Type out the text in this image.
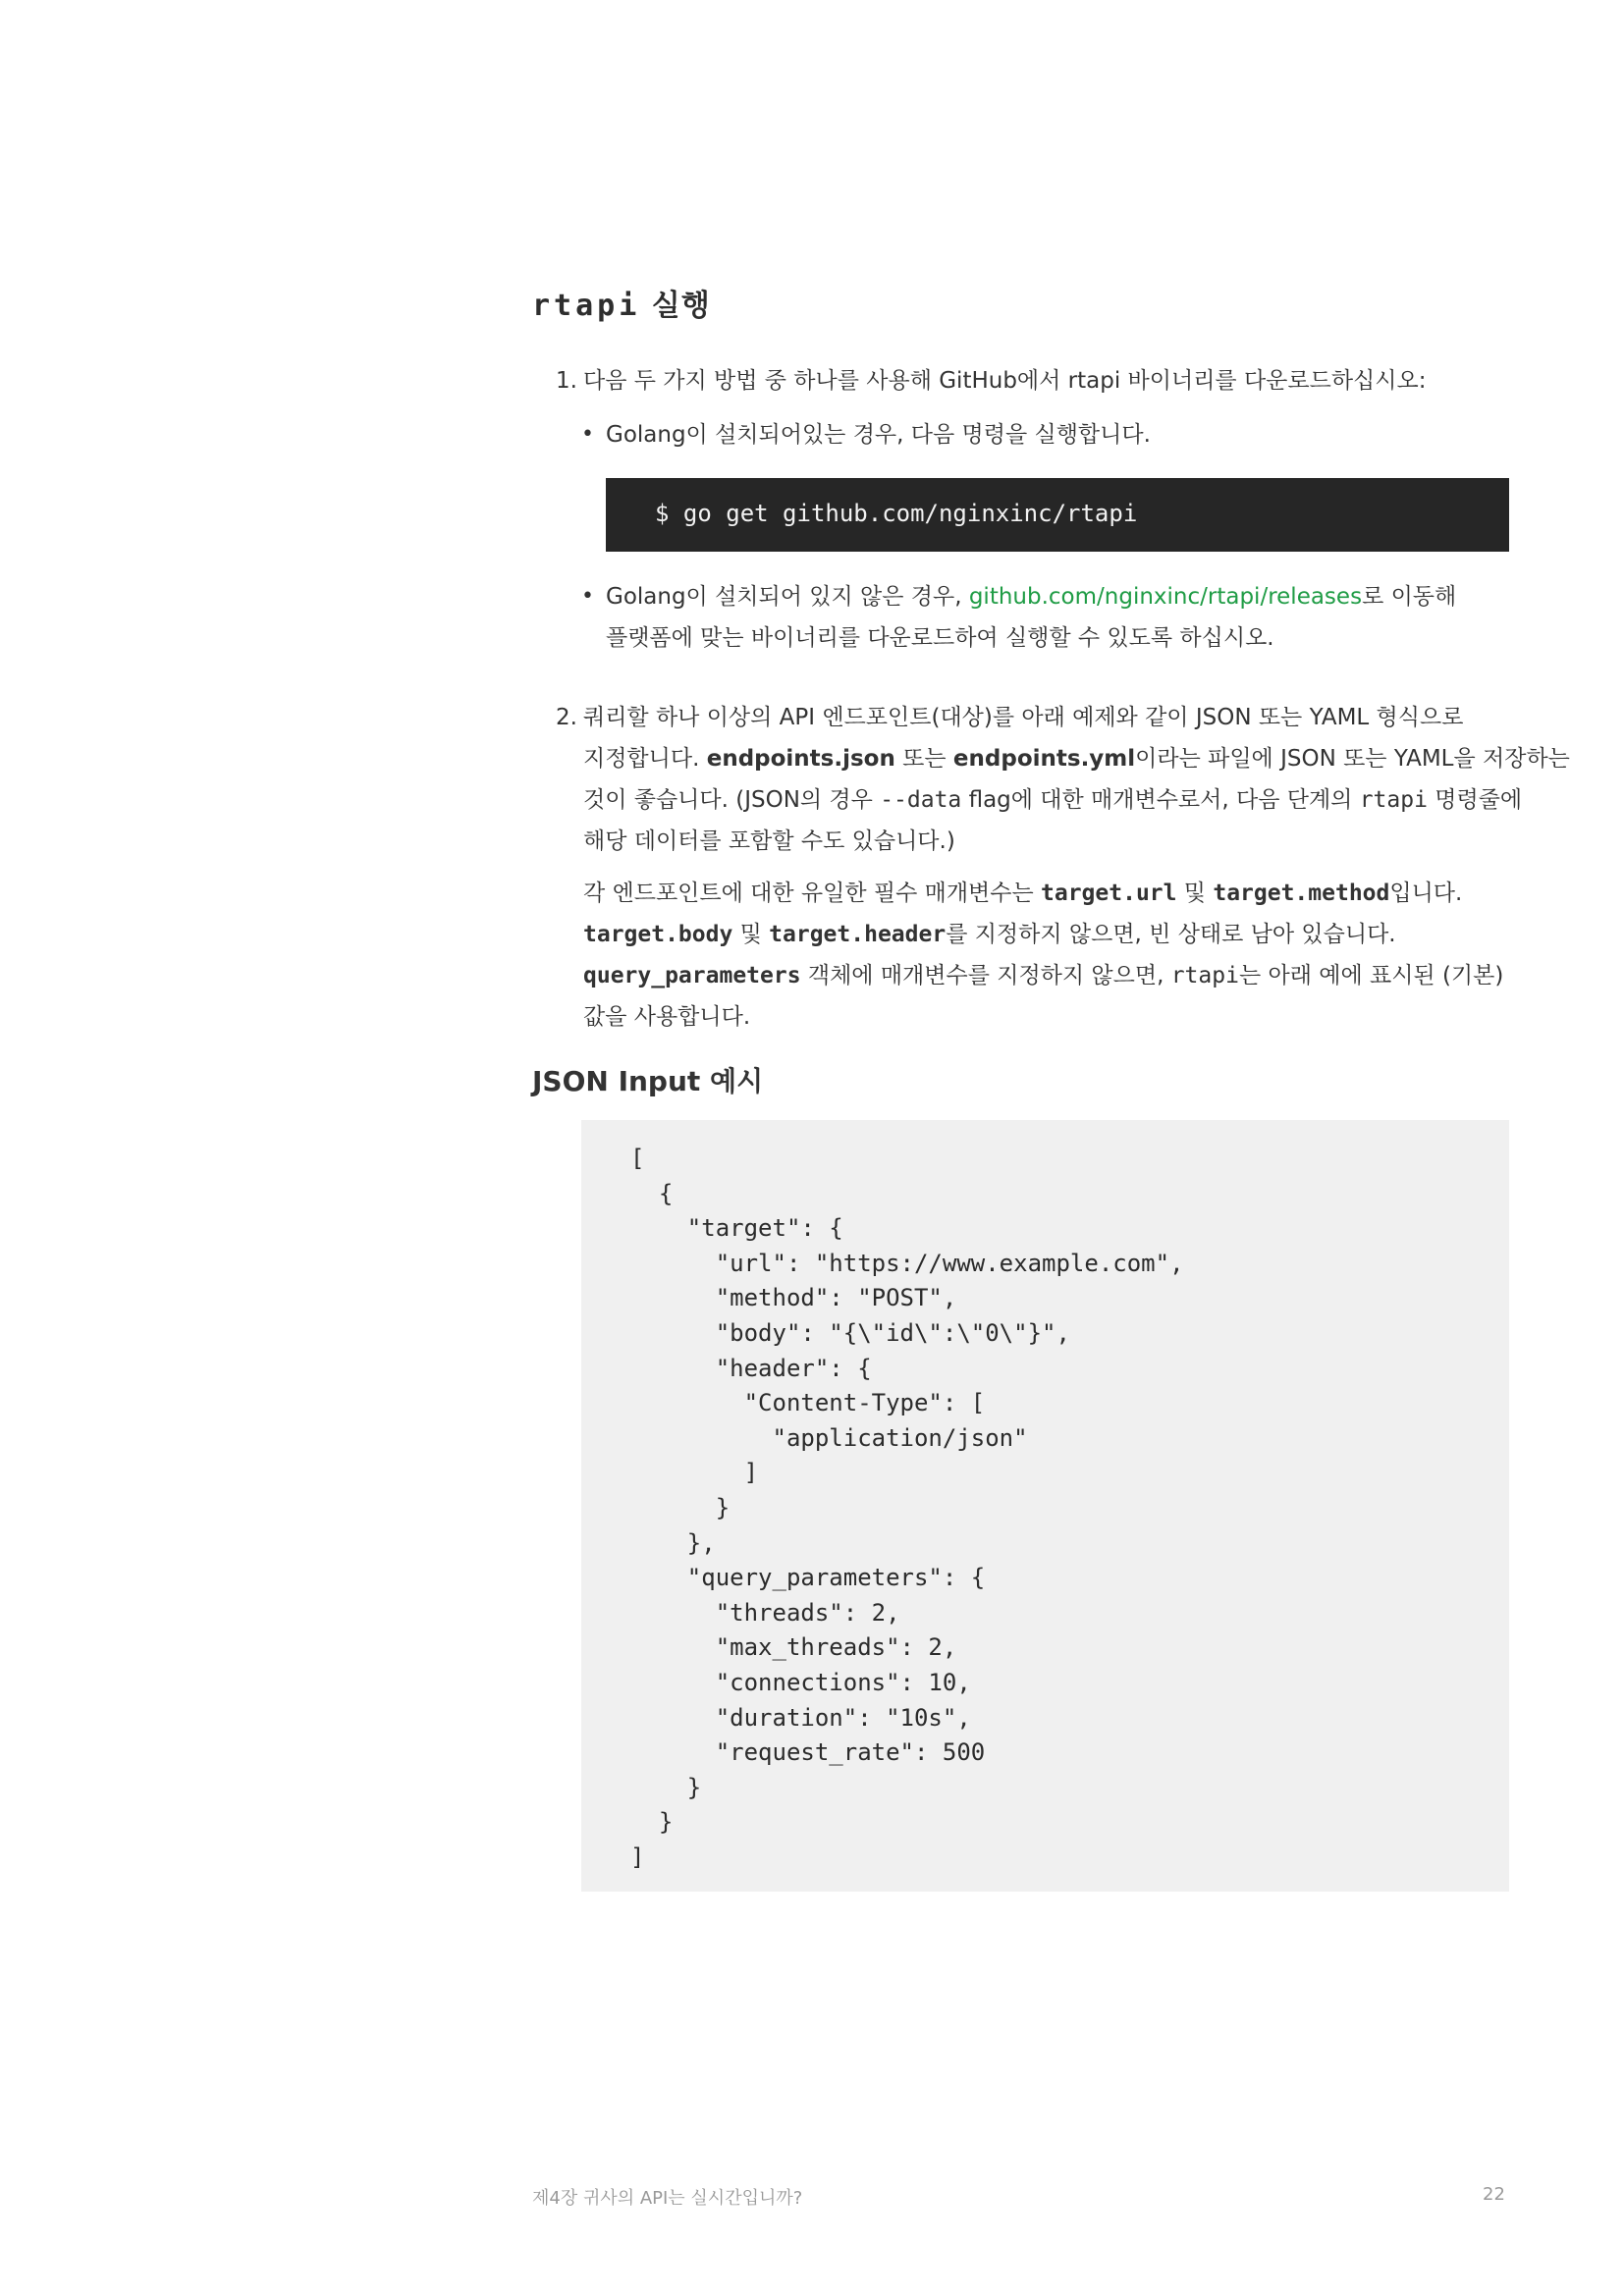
rtapi 실행
1. 다음 두 가지 방법 중 하나를 사용해 GitHub에서 rtapi 바이너리를 다운로드하십시오:
• Golang이 설치되어있는 경우, 다음 명령을 실행합니다.
$ go get github.com/nginxinc/rtapi
• Golang이 설치되어 있지 않은 경우, github.com/nginxinc/rtapi/releases로 이동해
플랫폼에 맞는 바이너리를 다운로드하여 실행할 수 있도록 하십시오.
2. 쿼리할 하나 이상의 API 엔드포인트(대상)를 아래 예제와 같이 JSON 또는 YAML 형식으로
지정합니다. endpoints.json 또는 endpoints.yml이라는 파일에 JSON 또는 YAML을 저장하는
것이 좋습니다. (JSON의 경우 --data flag에 대한 매개변수로서, 다음 단계의 rtapi 명령줄에
해당 데이터를 포함할 수도 있습니다.)
각 엔드포인트에 대한 유일한 필수 매개변수는 target.url 및 target.method입니다.
target.body 및 target.header를 지정하지 않으면, 빈 상태로 남아 있습니다.
query_parameters 객체에 매개변수를 지정하지 않으면, rtapi는 아래 예에 표시된 (기본)
값을 사용합니다.
JSON Input 예시
[
{
"target": {
"url": "https://www.example.com",
"method": "POST",
"body": "{\"id\":\"0\"}",
"header": {
"Content-Type": [
"application/json"
]
}
},
"query_parameters": {
"threads": 2,
"max_threads": 2,
"connections": 10,
"duration": "10s",
"request_rate": 500
}
}
]
제4장 귀사의 API는 실시간입니까?	22
